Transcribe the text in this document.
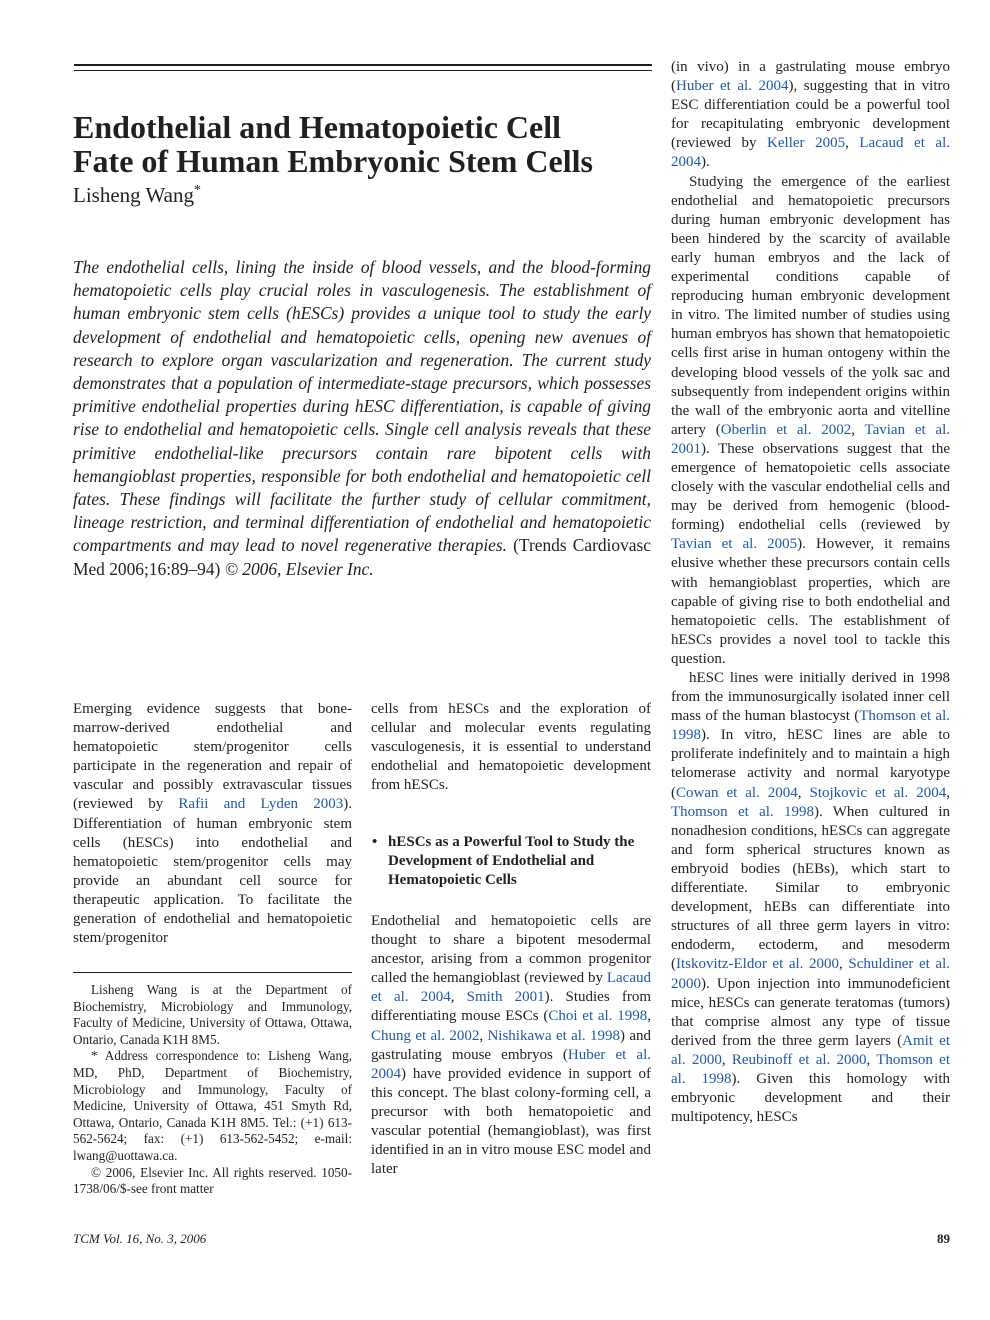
Endothelial and Hematopoietic Cell
Fate of Human Embryonic Stem Cells
Lisheng Wang*

The endothelial cells, lining the inside of blood vessels, and the blood-forming hematopoietic cells play crucial roles in vasculogenesis. The establishment of human embryonic stem cells (hESCs) provides a unique tool to study the early development of endothelial and hematopoietic cells, opening new avenues of research to explore organ vascularization and regeneration. The current study demonstrates that a population of intermediate-stage precursors, which possesses primitive endothelial properties during hESC differentiation, is capable of giving rise to endothelial and hematopoietic cells. Single cell analysis reveals that these primitive endothelial-like precursors contain rare bipotent cells with hemangioblast properties, responsible for both endothelial and hematopoietic cell fates. These findings will facilitate the further study of cellular commitment, lineage restriction, and terminal differentiation of endothelial and hematopoietic compartments and may lead to novel regenerative therapies. (Trends Cardiovasc Med 2006;16:89–94) © 2006, Elsevier Inc.

Emerging evidence suggests that bone-marrow-derived endothelial and hematopoietic stem/progenitor cells participate in the regeneration and repair of vascular and possibly extravascular tissues (reviewed by Rafii and Lyden 2003). Differentiation of human embryonic stem cells (hESCs) into endothelial and hematopoietic stem/progenitor cells may provide an abundant cell source for therapeutic application. To facilitate the generation of endothelial and hematopoietic stem/progenitor

Lisheng Wang is at the Department of Biochemistry, Microbiology and Immunology, Faculty of Medicine, University of Ottawa, Ottawa, Ontario, Canada K1H 8M5.

* Address correspondence to: Lisheng Wang, MD, PhD, Department of Biochemistry, Microbiology and Immunology, Faculty of Medicine, University of Ottawa, 451 Smyth Rd, Ottawa, Ontario, Canada K1H 8M5. Tel.: (+1) 613-562-5624; fax: (+1) 613-562-5452; e-mail: lwang@uottawa.ca.

© 2006, Elsevier Inc. All rights reserved. 1050-1738/06/$-see front matter

cells from hESCs and the exploration of cellular and molecular events regulating vasculogenesis, it is essential to understand endothelial and hematopoietic development from hESCs.

• hESCs as a Powerful Tool to Study the Development of Endothelial and Hematopoietic Cells

Endothelial and hematopoietic cells are thought to share a bipotent mesodermal ancestor, arising from a common progenitor called the hemangioblast (reviewed by Lacaud et al. 2004, Smith 2001). Studies from differentiating mouse ESCs (Choi et al. 1998, Chung et al. 2002, Nishikawa et al. 1998) and gastrulating mouse embryos (Huber et al. 2004) have provided evidence in support of this concept. The blast colony-forming cell, a precursor with both hematopoietic and vascular potential (hemangioblast), was first identified in an in vitro mouse ESC model and later

(in vivo) in a gastrulating mouse embryo (Huber et al. 2004), suggesting that in vitro ESC differentiation could be a powerful tool for recapitulating embryonic development (reviewed by Keller 2005, Lacaud et al. 2004).

Studying the emergence of the earliest endothelial and hematopoietic precursors during human embryonic development has been hindered by the scarcity of available early human embryos and the lack of experimental conditions capable of reproducing human embryonic development in vitro. The limited number of studies using human embryos has shown that hematopoietic cells first arise in human ontogeny within the developing blood vessels of the yolk sac and subsequently from independent origins within the wall of the embryonic aorta and vitelline artery (Oberlin et al. 2002, Tavian et al. 2001). These observations suggest that the emergence of hematopoietic cells associate closely with the vascular endothelial cells and may be derived from hemogenic (blood-forming) endothelial cells (reviewed by Tavian et al. 2005). However, it remains elusive whether these precursors contain cells with hemangioblast properties, which are capable of giving rise to both endothelial and hematopoietic cells. The establishment of hESCs provides a novel tool to tackle this question.

hESC lines were initially derived in 1998 from the immunosurgically isolated inner cell mass of the human blastocyst (Thomson et al. 1998). In vitro, hESC lines are able to proliferate indefinitely and to maintain a high telomerase activity and normal karyotype (Cowan et al. 2004, Stojkovic et al. 2004, Thomson et al. 1998). When cultured in nonadhesion conditions, hESCs can aggregate and form spherical structures known as embryoid bodies (hEBs), which start to differentiate. Similar to embryonic development, hEBs can differentiate into structures of all three germ layers in vitro: endoderm, ectoderm, and mesoderm (Itskovitz-Eldor et al. 2000, Schuldiner et al. 2000). Upon injection into immunodeficient mice, hESCs can generate teratomas (tumors) that comprise almost any type of tissue derived from the three germ layers (Amit et al. 2000, Reubinoff et al. 2000, Thomson et al. 1998). Given this homology with embryonic development and their multipotency, hESCs

TCM Vol. 16, No. 3, 2006	89
